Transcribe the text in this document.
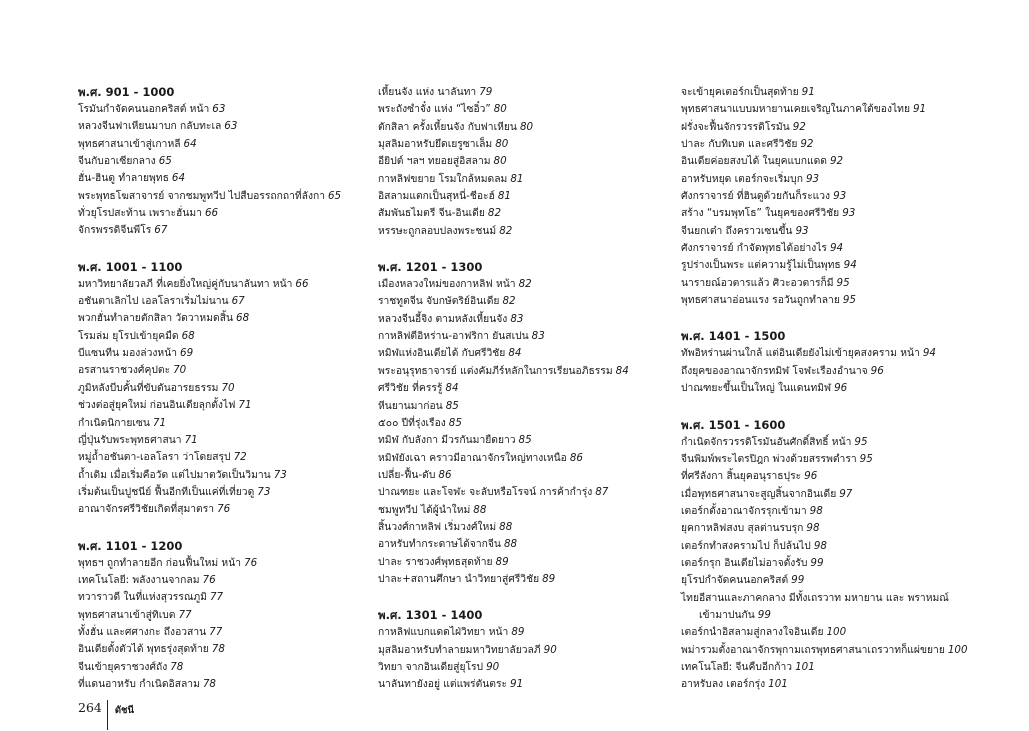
พ.ศ. 901 - 1000
โรมันกำจัดคนนอกคริสต์ หน้า 63
หลวงจีนฟาเหียนมาบก กลับทะเล 63
พุทธศาสนาเข้าสู่เกาหลี 64
จีนกับอาเซียกลาง 65
ฮั่น-ฮินดู ทำลายพุทธ 64
พระพุทธโฆสาจารย์ จากชมพูทวีป ไปสืบอรรถกถาที่ลังกา 65
ทั่วยุโรปสะท้าน เพราะฮั่นมา 66
จักรพรรดิจีนพีโร 67
พ.ศ. 1001 - 1100
มหาวิทยาลัยวลภี ที่เคยยิ่งใหญ่คู่กับนาลันทา หน้า 66
อชันตาเลิกไป เอลโลราเริ่มไม่นาน 67
พวกฮั่นทำลายตักสิลา วัดวาหมดสิ้น 68
โรมล่ม ยุโรปเข้ายุคมืด 68
บีแซนทีน มองล่วงหน้า 69
อรสานราชวงศ์คุปตะ 70
ภูมิหลังบีบคั้นที่ขับดันอารยธรรม 70
ช่วงต่อสู่ยุคใหม่ ก่อนอินเดียลุกตั้งไฟ 71
กำเนิดนิกายเซน 71
ญี่ปุ่นรับพระพุทธศาสนา 71
หมู่ถ้ำอชันตา-เอลโลรา ว่าโดยสรุป 72
ถ้ำเดิม เมื่อเริ่มคือวัด แต่ไปมาตวัดเป็นวิมาน 73
เริ่มต้นเป็นปูชนีย์ ฟื้นอีกทีเป็นแค่ที่เที่ยวดู 73
อาณาจักรศรีวิชัยเกิดที่สุมาตรา 76
พ.ศ. 1101 - 1200
พุทธฯ ถูกทำลายอีก ก่อนฟื้นใหม่ หน้า 76
เทคโนโลยี: พลังงานจากลม 76
ทวาราวดี ในที่แห่งสุวรรณภูมิ 77
พุทธศาสนาเข้าสู่ทิเบต 77
ทั้งฮั่น และศศางกะ ถึงอวสาน 77
อินเดียตั้งตัวได้ พุทธรุ่งสุดท้าย 78
จีนเข้ายุคราชวงศ์ถัง 78
ที่แดนอาหรับ กำเนิดอิสลาม 78
เหี้ยนจัง แห่ง นาลันทา 79
พระถังซำจั๋ง แห่ง “ไซอิ๋ว” 80
ตักสิลา ครั้งเหี้ยนจัง กับฟาเหียน 80
มุสลิมอาหรับยึดเยรูซาเล็ม 80
อียิปต์ ฯลฯ ทยอยสู่อิสลาม 80
กาหลิฟขยาย โรมใกล้หมดลม 81
อิสลามแตกเป็นสุหนี่-ชีอะฮ์ 81
สัมพันธไมตรี จีน-อินเดีย 82
หรรษะถูกลอบปลงพระชนม์ 82
พ.ศ. 1201 - 1300
เมืองหลวงใหม่ของกาหลิฟ หน้า 82
ราชทูตจีน จับกษัตริย์อินเดีย 82
หลวงจีนอี้จิง ตามหลังเหี้ยนจัง 83
กาหลิฟตีอิหร่าน-อาฟริกา ยันสเปน 83
หมิฬแห่งอินเดียได้ กับศรีวิชัย 84
พระอนุรุทธาจารย์ แต่งคัมภีร์หลักในการเรียนอภิธรรม 84
ศรีวิชัย ที่ครรรู้ 84
หีนยานมาก่อน 85
๕๐๐ ปีที่รุ่งเรือง 85
ทมิฬ กับลังกา มีวรกันมายืดยาว 85
หมิฬยังเฉา คราวมีอาณาจักรใหญ่ทางเหนือ 86
เปลี่ย-ฟื้น-ดับ 86
ปาณฑยะ และโจฬะ จะลับหรือโรจน์ การค้ากำรุ่ง 87
ชมพูทวีป ได้ผู้นำใหม่ 88
สิ้นวงศ์กาหลิฟ เริ่มวงศ์ใหม่ 88
อาหรับทำกระดาษได้จากจีน 88
ปาละ ราชวงศ์พุทธสุดท้าย 89
ปาละ+สถานศึกษา นำวิทยาสู่ศรีวิชัย 89
พ.ศ. 1301 - 1400
กาหลิฟแบกแดดไฝ่วิทยา หน้า 89
มุสลิมอาหรับทำลายมหาวิทยาลัยวลภี 90
วิทยา จากอินเดียสู่ยุโรป 90
นาลันทายังอยู่ แต่แพร่ตันตระ 91
จะเข้ายุคเตอร์กเป็นสุดท้าย 91
พุทธศาสนาแบบมหายานเคยเจริญในภาคใต้ของไทย 91
ฝรั่งจะฟื้นจักรวรรดิโรมัน 92
ปาละ กับทิเบต และศรีวิชัย 92
อินเดียค่อยสงบได้ ในยุคแบกแดด 92
อาหรับหยุด เตอร์กจะเริ่มบุก 93
ศังกราจารย์ ที่ฮินดูด้วยกันก็ระแวง 93
สร้าง “บรมพุทโธ” ในยุคของศรีวิชัย 93
จีนยกเต๋า ถึงคราวเซนขึ้น 93
ศังกราจารย์ กำจัดพุทธได้อย่างไร 94
รูปร่างเป็นพระ แต่ความรู้ไม่เป็นพุทธ 94
นารายณ์อวตารแล้ว ศิวะอวตารก็มี 95
พุทธศาสนาอ่อนแรง รอวันถูกทำลาย 95
พ.ศ. 1401 - 1500
ทัพอิหร่านผ่านใกล้ แต่อินเดียยังไม่เข้ายุคสงคราม หน้า 94
ถึงยุคของอาณาจักรทมิฬ โจฬะเรืองอำนาจ 96
ปาณฑยะขึ้นเป็นใหญ่ ในแดนทมิฬ 96
พ.ศ. 1501 - 1600
กำเนิดจักรวรรดิโรมันอันศักดิ์สิทธิ์ หน้า 95
จีนพิมพ์พระไตรปิฎก พ่วงด้วยสรรพตำรา 95
ที่ศรีลังกา สิ้นยุคอนุราธปุระ 96
เมื่อพุทธศาสนาจะสูญสิ้นจากอินเดีย 97
เตอร์กตั้งอาณาจักรรุกเข้ามา 98
ยุคกาหลิฟสงบ สุลต่านรบรุก 98
เตอร์กทำสงครามไป ก็ปล้นไป 98
เตอร์กรุก อินเดียไม่อาจตั้งรับ 99
ยุโรปกำจัดคนนอกคริสต์ 99
ไทยอีสานและภาคกลาง มีทั้งเถรวาท มหายาน และ พราหมณ์
เข้ามาปนกัน 99
เตอร์กนำอิสลามสู่กลางใจอินเดีย 100
พม่ารวมตั้งอาณาจักรพุกามเถรพุทธศาสนาเถรวาทก็แผ่ขยาย 100
เทคโนโลยี: จีนคืบอีกก้าว 101
อาหรับลง เตอร์กรุ่ง 101
264	ดัชนี
